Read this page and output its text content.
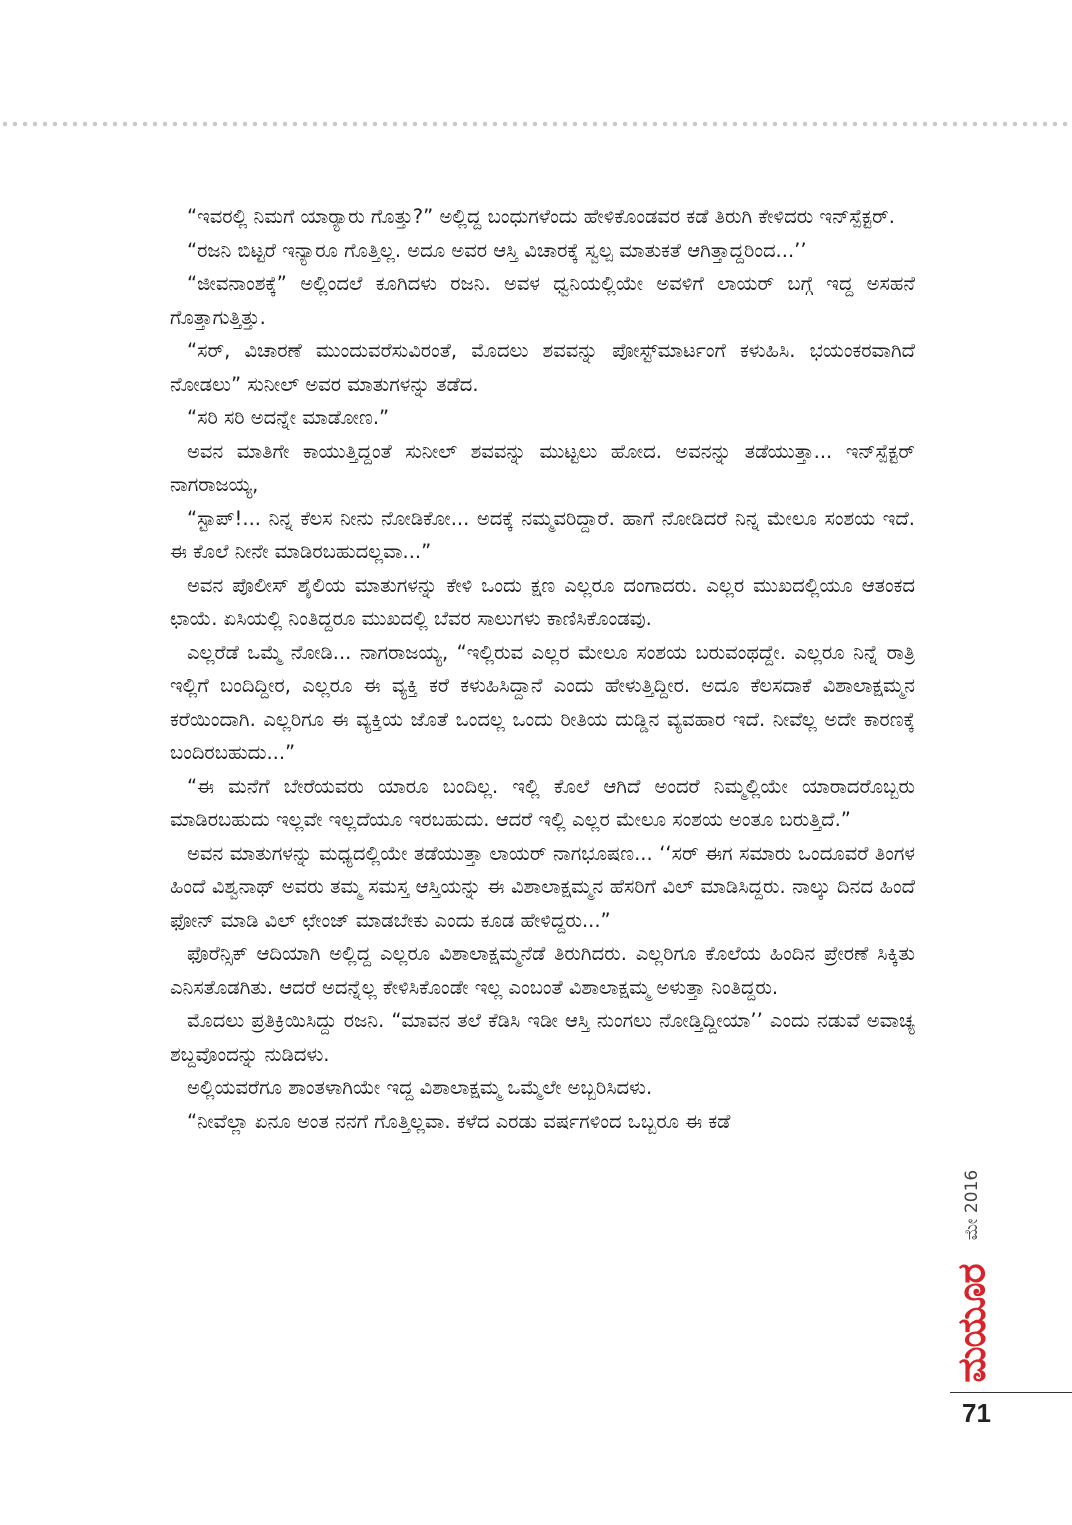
“ಇವರಲ್ಲಿ ನಿಮಗೆ ಯಾರ್‍ಯಾರು ಗೊತ್ತು?” ಅಲ್ಲಿದ್ದ ಬಂಧುಗಳೆಂದು ಹೇಳಿಕೊಂಡವರ ಕಡೆ ತಿರುಗಿ ಕೇಳಿದರು ಇನ್‌ಸ್ಪೆಕ್ಟರ್.

“ರಜನಿ ಬಿಟ್ಟರೆ ಇನ್ಯಾರೂ ಗೊತ್ತಿಲ್ಲ. ಅದೂ ಅವರ ಆಸ್ತಿ ವಿಚಾರಕ್ಕೆ ಸ್ವಲ್ಪ ಮಾತುಕತೆ ಆಗಿತ್ತಾದ್ದರಿಂದ...’’

“ಜೀವನಾಂಶಕ್ಕೆ” ಅಲ್ಲಿಂದಲೆ ಕೂಗಿದಳು ರಜನಿ. ಅವಳ ಧ್ವನಿಯಲ್ಲಿಯೇ ಅವಳಿಗೆ ಲಾಯರ್ ಬಗ್ಗೆ ಇದ್ದ ಅಸಹನೆ ಗೊತ್ತಾಗುತ್ತಿತ್ತು.

“ಸರ್, ವಿಚಾರಣೆ ಮುಂದುವರೆಸುವಿರಂತೆ, ಮೊದಲು ಶವವನ್ನು ಪೋಸ್ಟ್‌ಮಾರ್ಟಂಗೆ ಕಳುಹಿಸಿ. ಭಯಂಕರವಾಗಿದೆ ನೋಡಲು” ಸುನೀಲ್ ಅವರ ಮಾತುಗಳನ್ನು ತಡೆದ.

“ಸರಿ ಸರಿ ಅದನ್ನೇ ಮಾಡೋಣ.”

ಅವನ ಮಾತಿಗೇ ಕಾಯುತ್ತಿದ್ದಂತೆ ಸುನೀಲ್ ಶವವನ್ನು ಮುಟ್ಟಲು ಹೋದ. ಅವನನ್ನು ತಡೆಯುತ್ತಾ... ಇನ್‌ಸ್ಪೆಕ್ಟರ್ ನಾಗರಾಜಯ್ಯ,

“ಸ್ಟಾಪ್!... ನಿನ್ನ ಕೆಲಸ ನೀನು ನೋಡಿಕೋ... ಅದಕ್ಕೆ ನಮ್ಮವರಿದ್ದಾರೆ. ಹಾಗೆ ನೋಡಿದರೆ ನಿನ್ನ ಮೇಲೂ ಸಂಶಯ ಇದೆ. ಈ ಕೊಲೆ ನೀನೇ ಮಾಡಿರಬಹುದಲ್ಲವಾ...”

ಅವನ ಪೊಲೀಸ್ ಶೈಲಿಯ ಮಾತುಗಳನ್ನು ಕೇಳಿ ಒಂದು ಕ್ಷಣ ಎಲ್ಲರೂ ದಂಗಾದರು. ಎಲ್ಲರ ಮುಖದಲ್ಲಿಯೂ ಆತಂಕದ ಛಾಯೆ. ಏಸಿಯಲ್ಲಿ ನಿಂತಿದ್ದರೂ ಮುಖದಲ್ಲಿ ಬೆವರ ಸಾಲುಗಳು ಕಾಣಿಸಿಕೊಂಡವು.

ಎಲ್ಲರೆಡೆ ಒಮ್ಮೆ ನೋಡಿ... ನಾಗರಾಜಯ್ಯ, “ಇಲ್ಲಿರುವ ಎಲ್ಲರ ಮೇಲೂ ಸಂಶಯ ಬರುವಂಥದ್ದೇ. ಎಲ್ಲರೂ ನಿನ್ನೆ ರಾತ್ರಿ ಇಲ್ಲಿಗೆ ಬಂದಿದ್ದೀರ, ಎಲ್ಲರೂ ಈ ವ್ಯಕ್ತಿ ಕರೆ ಕಳುಹಿಸಿದ್ದಾನೆ ಎಂದು ಹೇಳುತ್ತಿದ್ದೀರ. ಅದೂ ಕೆಲಸದಾಕೆ ವಿಶಾಲಾಕ್ಷಮ್ಮನ ಕರೆಯಿಂದಾಗಿ. ಎಲ್ಲರಿಗೂ ಈ ವ್ಯಕ್ತಿಯ ಜೊತೆ ಒಂದಲ್ಲ ಒಂದು ರೀತಿಯ ದುಡ್ಡಿನ ವ್ಯವಹಾರ ಇದೆ. ನೀವೆಲ್ಲ ಅದೇ ಕಾರಣಕ್ಕೆ ಬಂದಿರಬಹುದು...”

“ಈ ಮನೆಗೆ ಬೇರೆಯವರು ಯಾರೂ ಬಂದಿಲ್ಲ. ಇಲ್ಲಿ ಕೊಲೆ ಆಗಿದೆ ಅಂದರೆ ನಿಮ್ಮಲ್ಲಿಯೇ ಯಾರಾದರೊಬ್ಬರು ಮಾಡಿರಬಹುದು ಇಲ್ಲವೇ ಇಲ್ಲದೆಯೂ ಇರಬಹುದು. ಆದರೆ ಇಲ್ಲಿ ಎಲ್ಲರ ಮೇಲೂ ಸಂಶಯ ಅಂತೂ ಬರುತ್ತಿದೆ.”

ಅವನ ಮಾತುಗಳನ್ನು ಮಧ್ಯದಲ್ಲಿಯೇ ತಡೆಯುತ್ತಾ ಲಾಯರ್ ನಾಗಭೂಷಣ... ‘‘ಸರ್ ಈಗ ಸಮಾರು ಒಂದೂವರೆ ತಿಂಗಳ ಹಿಂದೆ ವಿಶ್ವನಾಥ್ ಅವರು ತಮ್ಮ ಸಮಸ್ತ ಆಸ್ತಿಯನ್ನು ಈ ವಿಶಾಲಾಕ್ಷಮ್ಮನ ಹೆಸರಿಗೆ ವಿಲ್ ಮಾಡಿಸಿದ್ದರು. ನಾಲ್ಕು ದಿನದ ಹಿಂದೆ ಫೋನ್ ಮಾಡಿ ವಿಲ್ ಛೇಂಜ್ ಮಾಡಬೇಕು ಎಂದು ಕೂಡ ಹೇಳಿದ್ದರು...”

ಫೊರೆನ್ಸಿಕ್ ಆದಿಯಾಗಿ ಅಲ್ಲಿದ್ದ ಎಲ್ಲರೂ ವಿಶಾಲಾಕ್ಷಮ್ಮನೆಡೆ ತಿರುಗಿದರು. ಎಲ್ಲರಿಗೂ ಕೊಲೆಯ ಹಿಂದಿನ ಪ್ರೇರಣೆ ಸಿಕ್ಕಿತು ಎನಿಸತೊಡಗಿತು. ಆದರೆ ಅದನ್ನೆಲ್ಲ ಕೇಳಿಸಿಕೊಂಡೇ ಇಲ್ಲ ಎಂಬಂತೆ ವಿಶಾಲಾಕ್ಷಮ್ಮ ಅಳುತ್ತಾ ನಿಂತಿದ್ದರು.

ಮೊದಲು ಪ್ರತಿಕ್ರಿಯಿಸಿದ್ದು ರಜನಿ. “ಮಾವನ ತಲೆ ಕೆಡಿಸಿ ಇಡೀ ಆಸ್ತಿ ನುಂಗಲು ನೋಡ್ತಿದ್ದೀಯಾ’’ ಎಂದು ನಡುವೆ ಅವಾಚ್ಯ ಶಬ್ದವೊಂದನ್ನು ನುಡಿದಳು.

ಅಲ್ಲಿಯವರೆಗೂ ಶಾಂತಳಾಗಿಯೇ ಇದ್ದ ವಿಶಾಲಾಕ್ಷಮ್ಮ ಒಮ್ಮೆಲೇ ಅಬ್ಬರಿಸಿದಳು.

“ನೀವೆಲ್ಲಾ ಏನೂ ಅಂತ ನನಗೆ ಗೊತ್ತಿಲ್ಲವಾ. ಕಳೆದ ಎರಡು ವರ್ಷಗಳಿಂದ ಒಬ್ಬರೂ ಈ ಕಡೆ

ಮೇ 2016
ಮಯೂರ
71
